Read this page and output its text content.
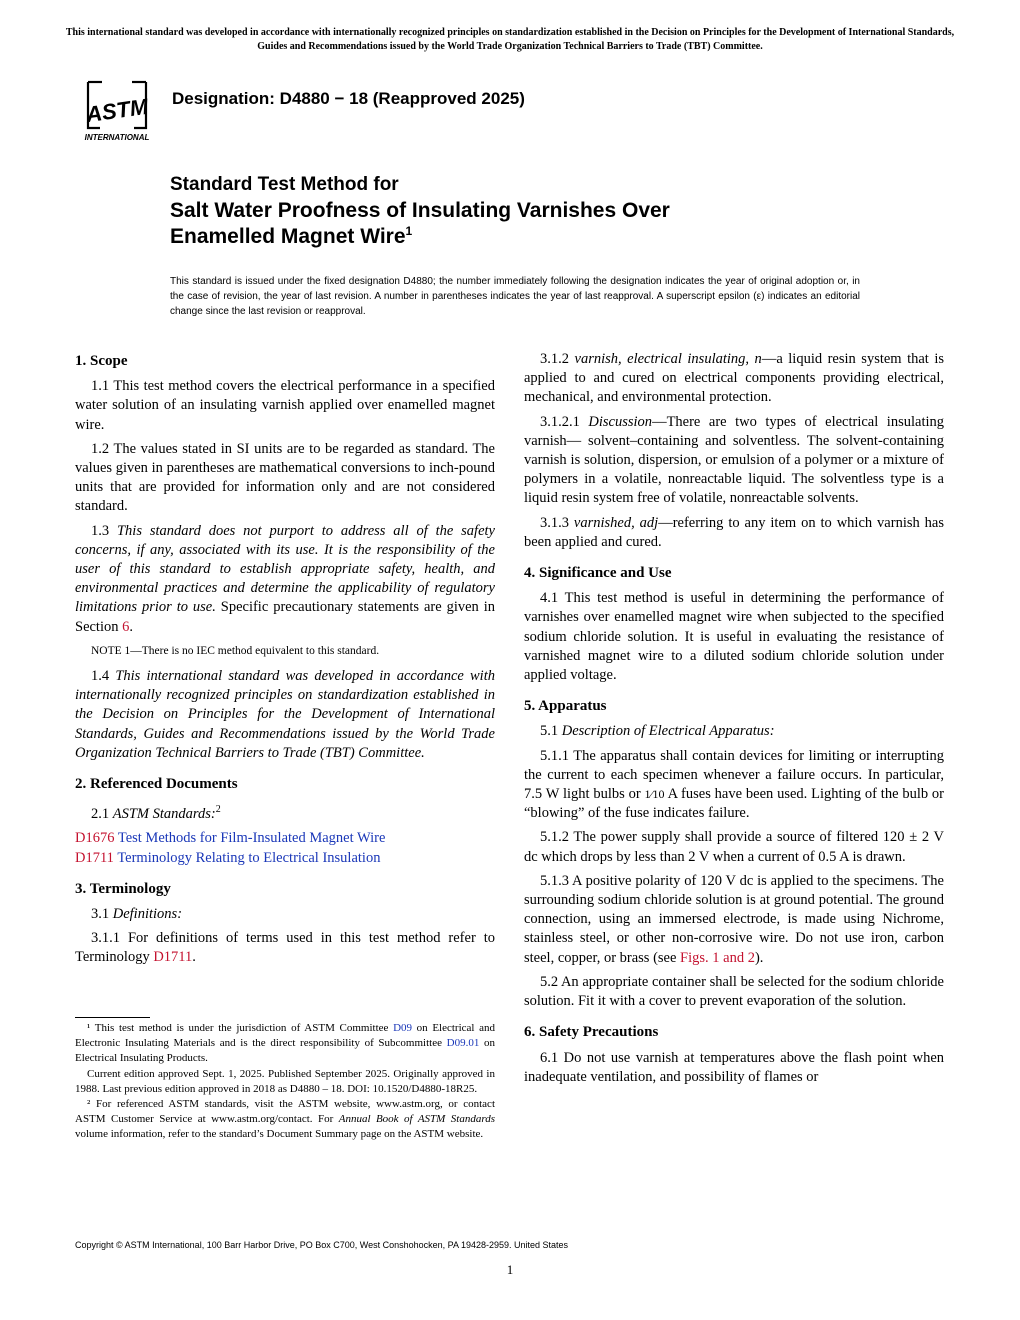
This international standard was developed in accordance with internationally recognized principles on standardization established in the Decision on Principles for the Development of International Standards, Guides and Recommendations issued by the World Trade Organization Technical Barriers to Trade (TBT) Committee.
ASTM
INTERNATIONAL
Designation: D4880 − 18 (Reapproved 2025)
Standard Test Method for
Salt Water Proofness of Insulating Varnishes Over
Enamelled Magnet Wire$^1$
This standard is issued under the fixed designation D4880; the number immediately following the designation indicates the year of original adoption or, in the case of revision, the year of last revision. A number in parentheses indicates the year of last reapproval. A superscript epsilon (ε) indicates an editorial change since the last revision or reapproval.
1. Scope

1.1 This test method covers the electrical performance in a specified water solution of an insulating varnish applied over enamelled magnet wire.

1.2 The values stated in SI units are to be regarded as standard. The values given in parentheses are mathematical conversions to inch-pound units that are provided for information only and are not considered standard.

1.3 This standard does not purport to address all of the safety concerns, if any, associated with its use. It is the responsibility of the user of this standard to establish appropriate safety, health, and environmental practices and determine the applicability of regulatory limitations prior to use. Specific precautionary statements are given in Section 6.

NOTE 1—There is no IEC method equivalent to this standard.

1.4 This international standard was developed in accordance with internationally recognized principles on standardization established in the Decision on Principles for the Development of International Standards, Guides and Recommendations issued by the World Trade Organization Technical Barriers to Trade (TBT) Committee.

2. Referenced Documents

2.1 ASTM Standards:$^2$

D1676 Test Methods for Film-Insulated Magnet Wire

D1711 Terminology Relating to Electrical Insulation

3. Terminology

3.1 Definitions:

3.1.1 For definitions of terms used in this test method refer to Terminology D1711.

3.1.2 varnish, electrical insulating, n—a liquid resin system that is applied to and cured on electrical components providing electrical, mechanical, and environmental protection.

3.1.2.1 Discussion—There are two types of electrical insulating varnish— solvent–containing and solventless. The solvent-containing varnish is solution, dispersion, or emulsion of a polymer or a mixture of polymers in a volatile, nonreactable liquid. The solventless type is a liquid resin system free of volatile, nonreactable solvents.

3.1.3 varnished, adj—referring to any item on to which varnish has been applied and cured.

4. Significance and Use

4.1 This test method is useful in determining the performance of varnishes over enamelled magnet wire when subjected to the specified sodium chloride solution. It is useful in evaluating the resistance of varnished magnet wire to a diluted sodium chloride solution under applied voltage.

5. Apparatus

5.1 Description of Electrical Apparatus:

5.1.1 The apparatus shall contain devices for limiting or interrupting the current to each specimen whenever a failure occurs. In particular, 7.5 W light bulbs or 1⁄10 A fuses have been used. Lighting of the bulb or “blowing” of the fuse indicates failure.

5.1.2 The power supply shall provide a source of filtered 120 ± 2 V dc which drops by less than 2 V when a current of 0.5 A is drawn.

5.1.3 A positive polarity of 120 V dc is applied to the specimens. The surrounding sodium chloride solution is at ground potential. The ground connection, using an immersed electrode, is made using Nichrome, stainless steel, or other non-corrosive wire. Do not use iron, carbon steel, copper, or brass (see Figs. 1 and 2).

5.2 An appropriate container shall be selected for the sodium chloride solution. Fit it with a cover to prevent evaporation of the solution.

6. Safety Precautions

6.1 Do not use varnish at temperatures above the flash point when inadequate ventilation, and possibility of flames or

¹ This test method is under the jurisdiction of ASTM Committee D09 on Electrical and Electronic Insulating Materials and is the direct responsibility of Subcommittee D09.01 on Electrical Insulating Products.

Current edition approved Sept. 1, 2025. Published September 2025. Originally approved in 1988. Last previous edition approved in 2018 as D4880 – 18. DOI: 10.1520/D4880-18R25.

² For referenced ASTM standards, visit the ASTM website, www.astm.org, or contact ASTM Customer Service at www.astm.org/contact. For Annual Book of ASTM Standards volume information, refer to the standard’s Document Summary page on the ASTM website.

Copyright © ASTM International, 100 Barr Harbor Drive, PO Box C700, West Conshohocken, PA 19428-2959. United States
1
